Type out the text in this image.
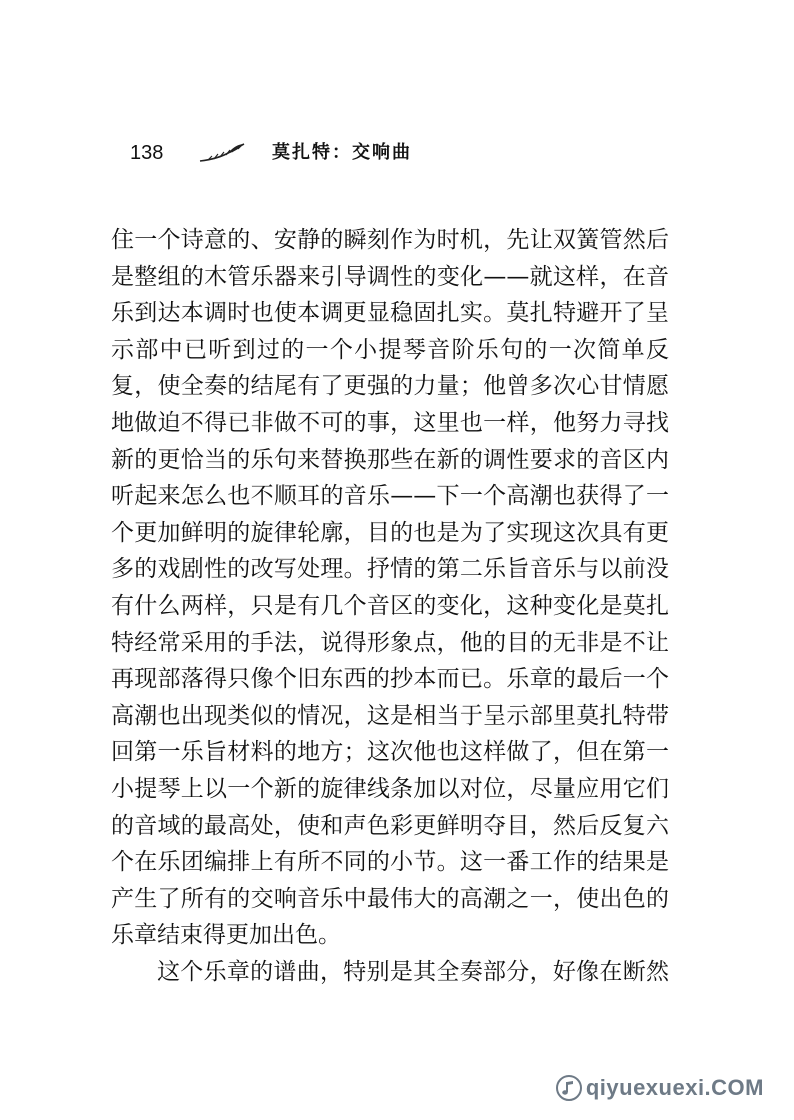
138	莫扎特：交响曲
住一个诗意的、安静的瞬刻作为时机，先让双簧管然后
是整组的木管乐器来引导调性的变化——就这样，在音
乐到达本调时也使本调更显稳固扎实。莫扎特避开了呈
示部中已听到过的一个小提琴音阶乐句的一次简单反
复，使全奏的结尾有了更强的力量；他曾多次心甘情愿
地做迫不得已非做不可的事，这里也一样，他努力寻找
新的更恰当的乐句来替换那些在新的调性要求的音区内
听起来怎么也不顺耳的音乐——下一个高潮也获得了一
个更加鲜明的旋律轮廓，目的也是为了实现这次具有更
多的戏剧性的改写处理。抒情的第二乐旨音乐与以前没
有什么两样，只是有几个音区的变化，这种变化是莫扎
特经常采用的手法，说得形象点，他的目的无非是不让
再现部落得只像个旧东西的抄本而已。乐章的最后一个
高潮也出现类似的情况，这是相当于呈示部里莫扎特带
回第一乐旨材料的地方；这次他也这样做了，但在第一
小提琴上以一个新的旋律线条加以对位，尽量应用它们
的音域的最高处，使和声色彩更鲜明夺目，然后反复六
个在乐团编排上有所不同的小节。这一番工作的结果是
产生了所有的交响音乐中最伟大的高潮之一，使出色的
乐章结束得更加出色。
这个乐章的谱曲，特别是其全奏部分，好像在断然
qiyuexuexi.COM
